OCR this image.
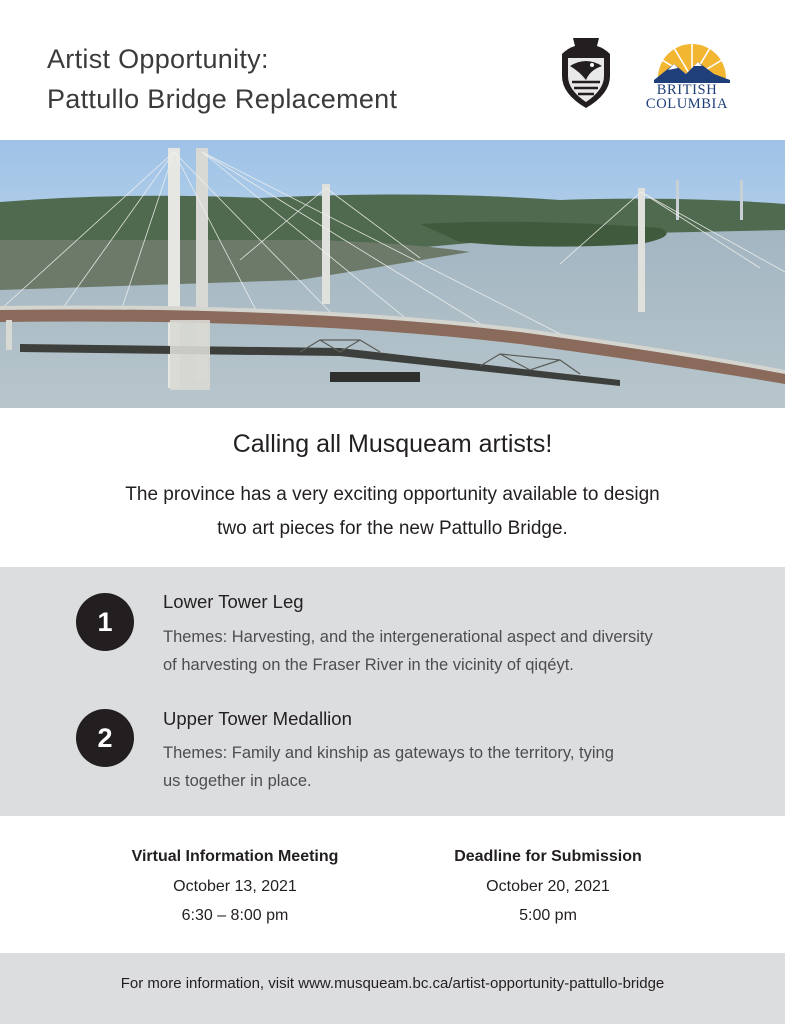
Artist Opportunity:
Pattullo Bridge Replacement	BRITISH
COLUMBIA
Calling all Musqueam artists!
The province has a very exciting opportunity available to design
two art pieces for the new Pattullo Bridge.
1
Lower Tower Leg
Themes: Harvesting, and the intergenerational aspect and diversity
of harvesting on the Fraser River in the vicinity of qiqéyt.
2
Upper Tower Medallion
Themes: Family and kinship as gateways to the territory, tying
us together in place.
Virtual Information Meeting
October 13, 2021
6:30 – 8:00 pm
Deadline for Submission
October 20, 2021
5:00 pm
For more information, visit www.musqueam.bc.ca/artist-opportunity-pattullo-bridge
